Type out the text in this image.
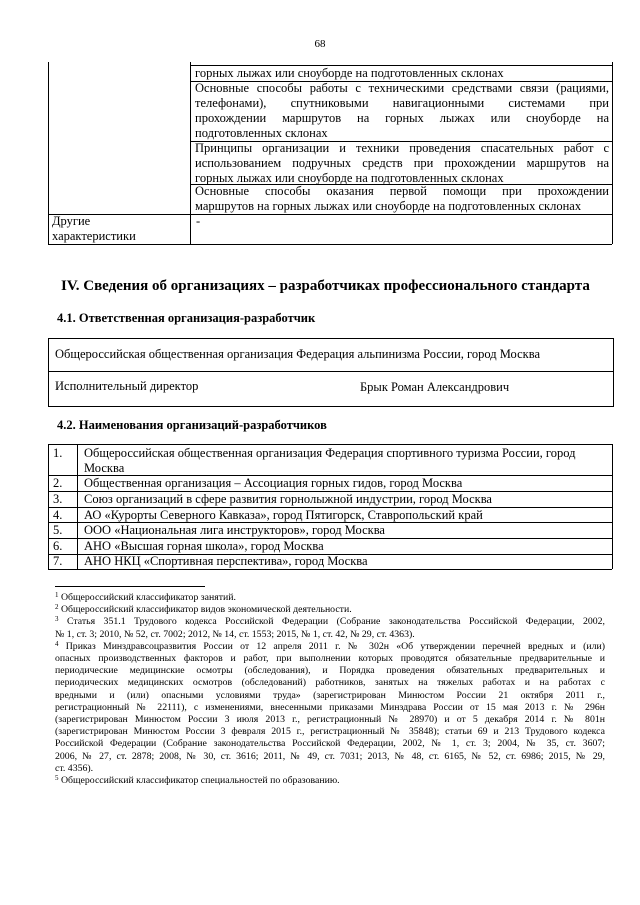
68
горных лыжах или сноуборде на подготовленных склонах
Основные способы работы с техническими средствами связи (рациями,
телефонами), спутниковыми навигационными системами при
прохождении маршрутов на горных лыжах или сноуборде на
подготовленных склонах
Принципы организации и техники проведения спасательных работ с
использованием подручных средств при прохождении маршрутов на
горных лыжах или сноуборде на подготовленных склонах
Основные способы оказания первой помощи при прохождении
маршрутов на горных лыжах или сноуборде на подготовленных склонах
Другие
характеристики
-
IV. Сведения об организациях – разработчиках профессионального стандарта
4.1. Ответственная организация-разработчик
Общероссийская общественная организация Федерация альпинизма России, город Москва
Исполнительный директор	Брык Роман Александрович
4.2. Наименования организаций-разработчиков
1. Общероссийская общественная организация Федерация спортивного туризма России, город
Москва
2. Общественная организация – Ассоциация горных гидов, город Москва
3. Союз организаций в сфере развития горнолыжной индустрии, город Москва
4. АО «Курорты Северного Кавказа», город Пятигорск, Ставропольский край
5. ООО «Национальная лига инструкторов», город Москва
6. АНО «Высшая горная школа», город Москва
7. АНО НКЦ «Спортивная перспектива», город Москва
$^1$ Общероссийский классификатор занятий.
$^2$ Общероссийский классификатор видов экономической деятельности.
$^3$ Статья 351.1 Трудового кодекса Российской Федерации (Собрание законодательства Российской Федерации, 2002,
№ 1, ст. 3; 2010, № 52, ст. 7002; 2012, № 14, ст. 1553; 2015, № 1, ст. 42, № 29, ст. 4363).
$^4$ Приказ Минздравсоцразвития России от 12 апреля 2011 г. № 302н «Об утверждении перечней вредных и (или)
опасных производственных факторов и работ, при выполнении которых проводятся обязательные предварительные и
периодические медицинские осмотры (обследования), и Порядка проведения обязательных предварительных и
периодических медицинских осмотров (обследований) работников, занятых на тяжелых работах и на работах с
вредными и (или) опасными условиями труда» (зарегистрирован Минюстом России 21 октября 2011 г.,
регистрационный № 22111), с изменениями, внесенными приказами Минздрава России от 15 мая 2013 г. № 296н
(зарегистрирован Минюстом России 3 июля 2013 г., регистрационный № 28970) и от 5 декабря 2014 г. № 801н
(зарегистрирован Минюстом России 3 февраля 2015 г., регистрационный № 35848); статьи 69 и 213 Трудового кодекса
Российской Федерации (Собрание законодательства Российской Федерации, 2002, № 1, ст. 3; 2004, № 35, ст. 3607;
2006, № 27, ст. 2878; 2008, № 30, ст. 3616; 2011, № 49, ст. 7031; 2013, № 48, ст. 6165, № 52, ст. 6986; 2015, № 29,
ст. 4356).
$^5$ Общероссийский классификатор специальностей по образованию.
